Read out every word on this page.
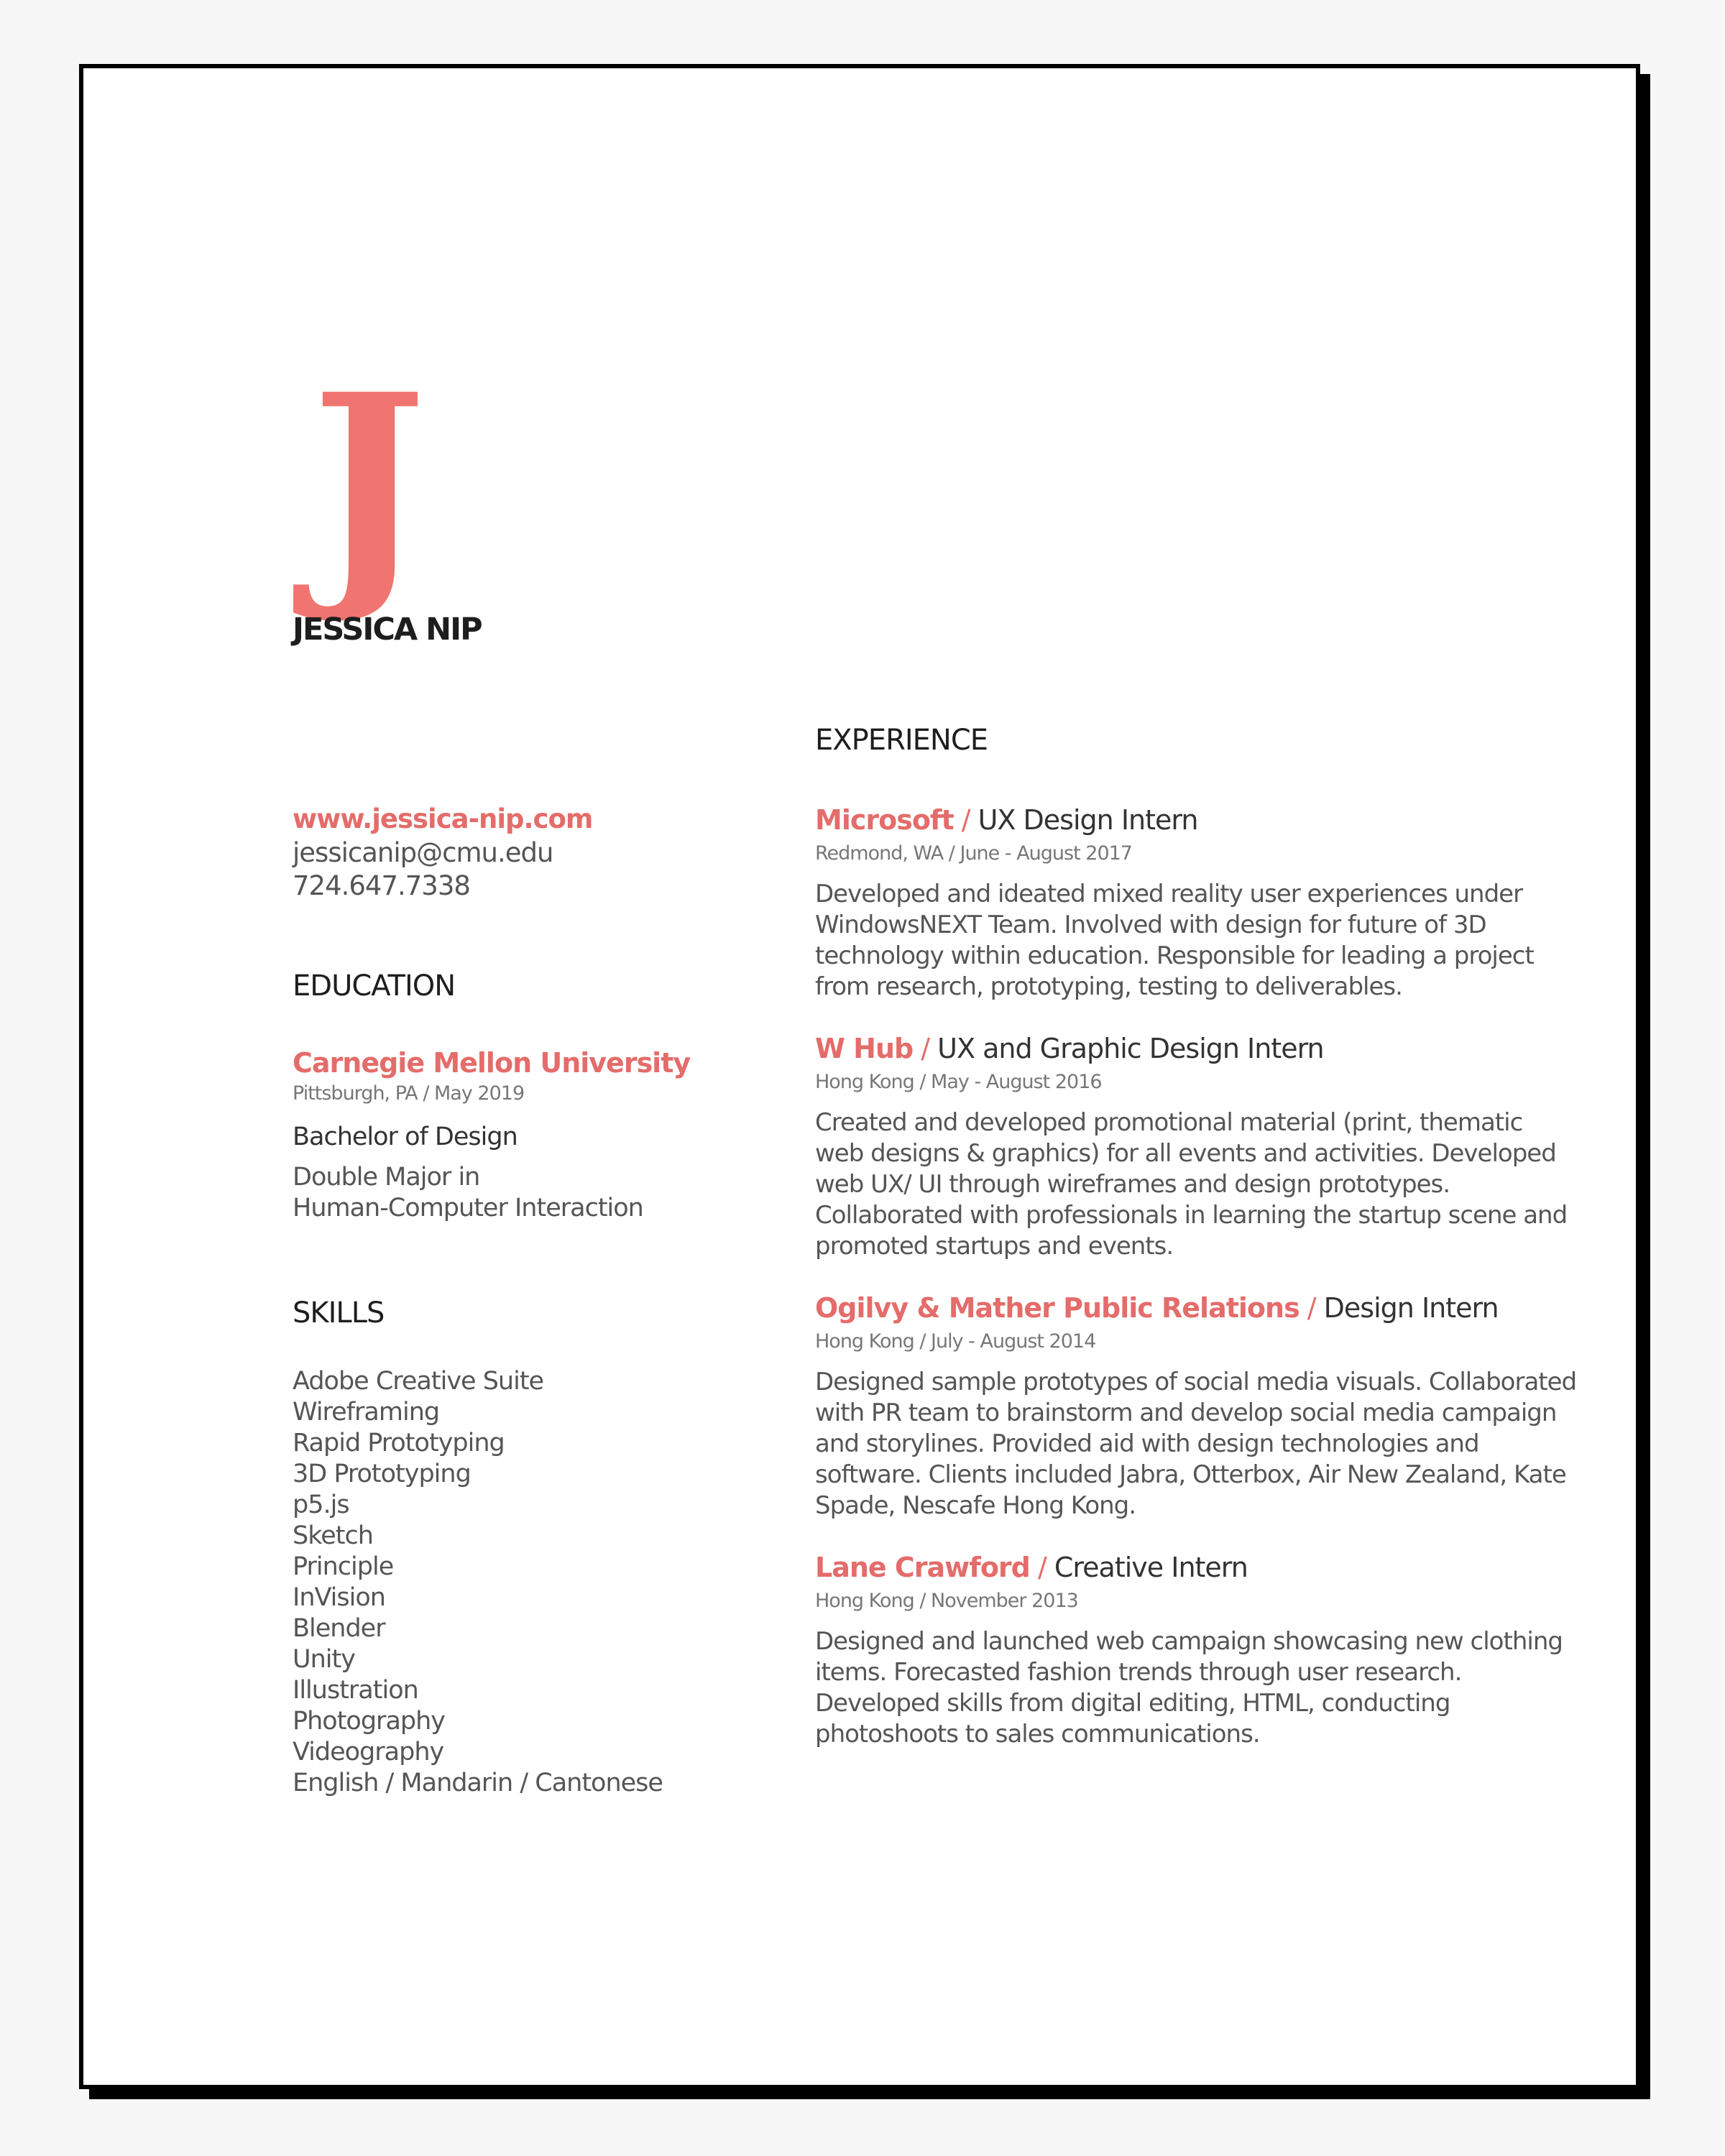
J
JESSICA NIP
www.jessica-nip.com
jessicanip@cmu.edu
724.647.7338
EDUCATION
Carnegie Mellon University
Pittsburgh, PA / May 2019
Bachelor of Design
Double Major in
Human-Computer Interaction
SKILLS
Adobe Creative Suite
Wireframing
Rapid Prototyping
3D Prototyping
p5.js
Sketch
Principle
InVision
Blender
Unity
Illustration
Photography
Videography
English / Mandarin / Cantonese
EXPERIENCE
Microsoft / UX Design Intern
Redmond, WA / June - August 2017
Developed and ideated mixed reality user experiences under WindowsNEXT Team. Involved with design for future of 3D technology within education. Responsible for leading a project from research, prototyping, testing to deliverables.
W Hub / UX and Graphic Design Intern
Hong Kong / May - August 2016
Created and developed promotional material (print, thematic web designs & graphics) for all events and activities. Developed web UX/ UI through wireframes and design prototypes. Collaborated with professionals in learning the startup scene and promoted startups and events.
Ogilvy & Mather Public Relations / Design Intern
Hong Kong / July - August 2014
Designed sample prototypes of social media visuals. Collaborated with PR team to brainstorm and develop social media campaign and storylines. Provided aid with design technologies and software. Clients included Jabra, Otterbox, Air New Zealand, Kate Spade, Nescafe Hong Kong.
Lane Crawford / Creative Intern
Hong Kong / November 2013
Designed and launched web campaign showcasing new clothing items. Forecasted fashion trends through user research. Developed skills from digital editing, HTML, conducting photoshoots to sales communications.
